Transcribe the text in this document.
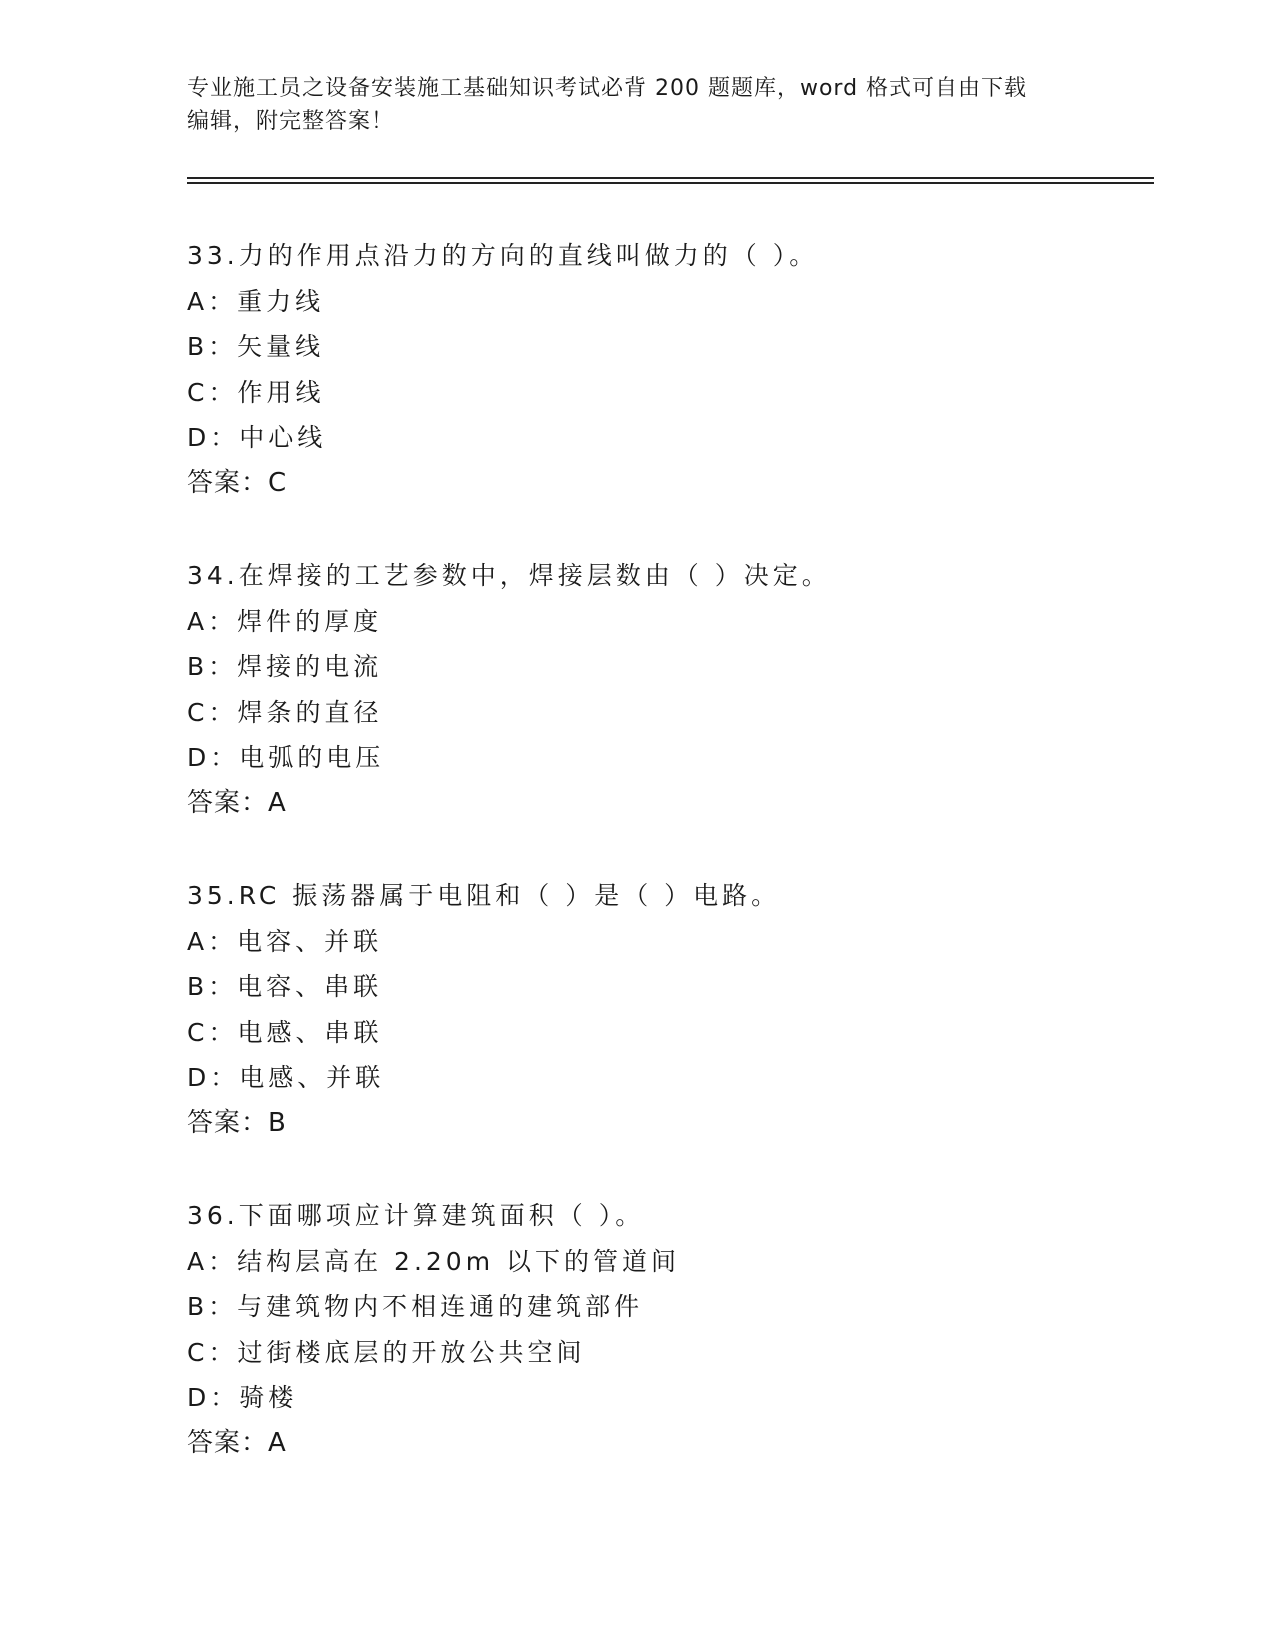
专业施工员之设备安装施工基础知识考试必背 200 题题库，word 格式可自由下载
编辑，附完整答案！
33.力的作用点沿力的方向的直线叫做力的（ ）。
A：重力线
B：矢量线
C：作用线
D：中心线
答案：C
34.在焊接的工艺参数中，焊接层数由（ ）决定。
A：焊件的厚度
B：焊接的电流
C：焊条的直径
D：电弧的电压
答案：A
35.RC 振荡器属于电阻和（ ）是（ ）电路。
A：电容、并联
B：电容、串联
C：电感、串联
D：电感、并联
答案：B
36.下面哪项应计算建筑面积（ ）。
A：结构层高在 2.20m 以下的管道间
B：与建筑物内不相连通的建筑部件
C：过街楼底层的开放公共空间
D：骑楼
答案：A
